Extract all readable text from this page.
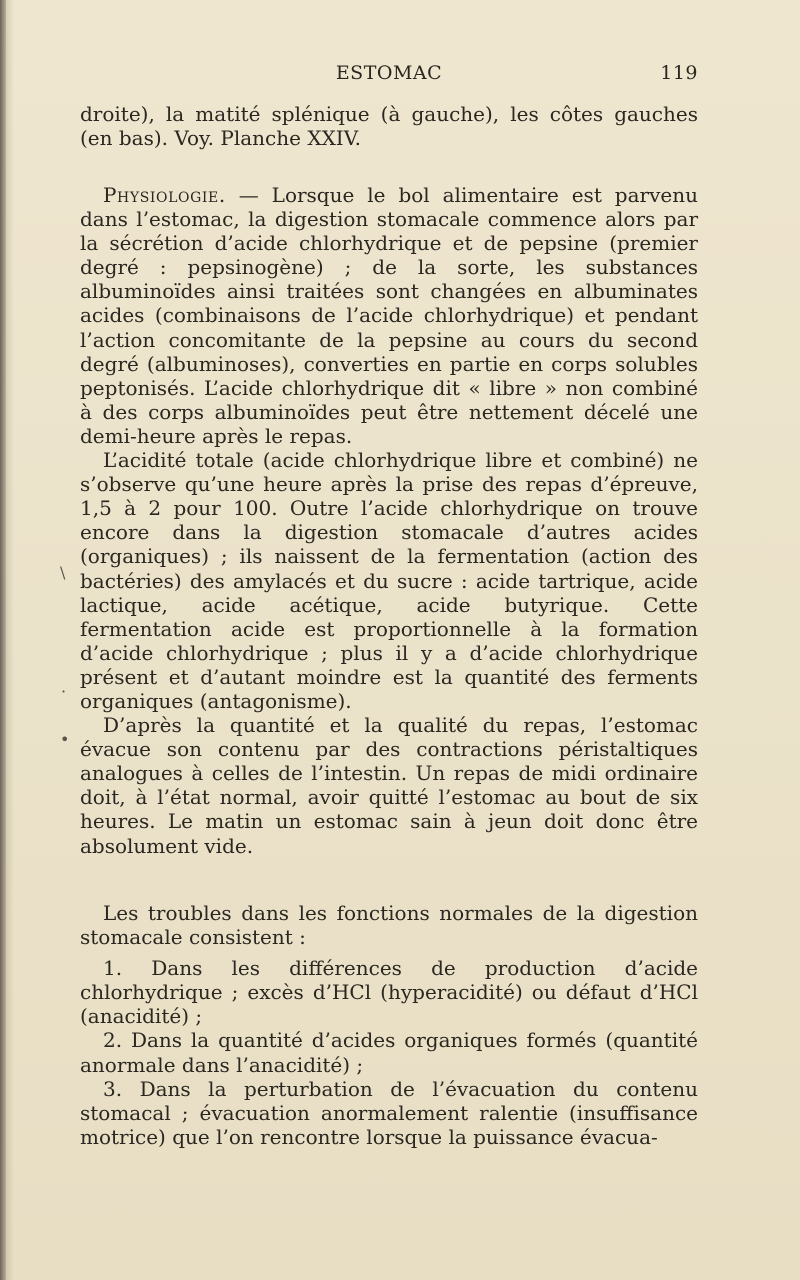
ESTOMAC	119

droite), la matité splénique (à gauche), les côtes gauches (en bas). Voy. Planche XXIV.

Physiologie. — Lorsque le bol alimentaire est parvenu dans l’estomac, la digestion stomacale commence alors par la sécrétion d’acide chlorhydrique et de pepsine (premier degré : pepsinogène) ; de la sorte, les substances albuminoïdes ainsi traitées sont changées en albuminates acides (combinaisons de l’acide chlorhydrique) et pendant l’action concomitante de la pepsine au cours du second degré (albuminoses), converties en partie en corps solubles peptonisés. L’acide chlorhydrique dit « libre » non combiné à des corps albuminoïdes peut être nettement décelé une demi-heure après le repas.

L’acidité totale (acide chlorhydrique libre et combiné) ne s’observe qu’une heure après la prise des repas d’épreuve, 1,5 à 2 pour 100. Outre l’acide chlorhydrique on trouve encore dans la digestion stomacale d’autres acides (organiques) ; ils naissent de la fermentation (action des bactéries) des amylacés et du sucre : acide tartrique, acide lactique, acide acétique, acide butyrique. Cette fermentation acide est proportionnelle à la formation d’acide chlorhydrique ; plus il y a d’acide chlorhydrique présent et d’autant moindre est la quantité des ferments organiques (antagonisme).

D’après la quantité et la qualité du repas, l’estomac évacue son contenu par des contractions péristaltiques analogues à celles de l’intestin. Un repas de midi ordinaire doit, à l’état normal, avoir quitté l’estomac au bout de six heures. Le matin un estomac sain à jeun doit donc être absolument vide.

Les troubles dans les fonctions normales de la digestion stomacale consistent :

1. Dans les différences de production d’acide chlorhydrique ; excès d’HCl (hyperacidité) ou défaut d’HCl (anacidité) ;

2. Dans la quantité d’acides organiques formés (quantité anormale dans l’anacidité) ;

3. Dans la perturbation de l’évacuation du contenu stomacal ; évacuation anormalement ralentie (insuffisance motrice) que l’on rencontre lorsque la puissance évacua-

\
·
•
